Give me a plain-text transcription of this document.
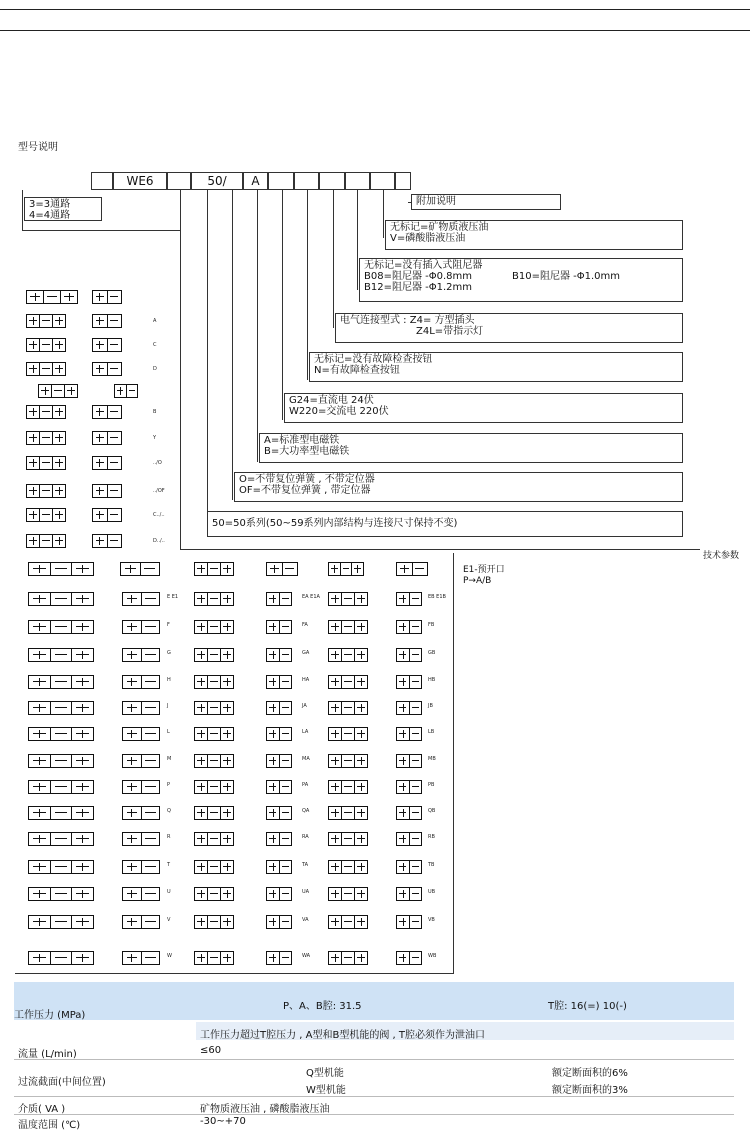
型号说明
技术参数
WE6	50/	A
3=3通路
4=4通路
附加说明
无标记=矿物质液压油
V=磷酸脂液压油
无标记=没有插入式阻尼器
B08=阻尼器 -Φ0.8mm	B10=阻尼器 -Φ1.0mm
B12=阻尼器 -Φ1.2mm
电气连接型式 : Z4= 方型插头
Z4L=带指示灯
无标记=没有故障检查按钮
N=有故障检查按钮
G24=直流电 24伏
W220=交流电 220伏
A=标准型电磁铁
B=大功率型电磁铁
O=不带复位弹簧 , 不带定位器
OF=不带复位弹簧 , 带定位器
50=50系列(50~59系列内部结构与连接尺寸保持不变)
E1-预开口
P→A/B
A
C
D
B
Y
../O
../OF
C../..
D../..
E E1	EA E1A	EB E1B
F	FA	FB
G	GA	GB
H	HA	HB
J	JA	JB
L	LA	LB
M	MA	MB
P	PA	PB
Q	QA	QB
R	RA	RB
T	TA	TB
U	UA	UB
V	VA	VB
W	WA	WB
工作压力 (MPa)
P、A、B腔: 31.5	T腔: 16(=) 10(-)
工作压力超过T腔压力 , A型和B型机能的阀 , T腔必须作为泄油口
流量 (L/min)	≤60
过流截面(中间位置)
Q型机能	额定断面积的6%
W型机能	额定断面积的3%
介质( VA )	矿物质液压油 , 磷酸脂液压油
温度范围 (℃)	-30~+70
